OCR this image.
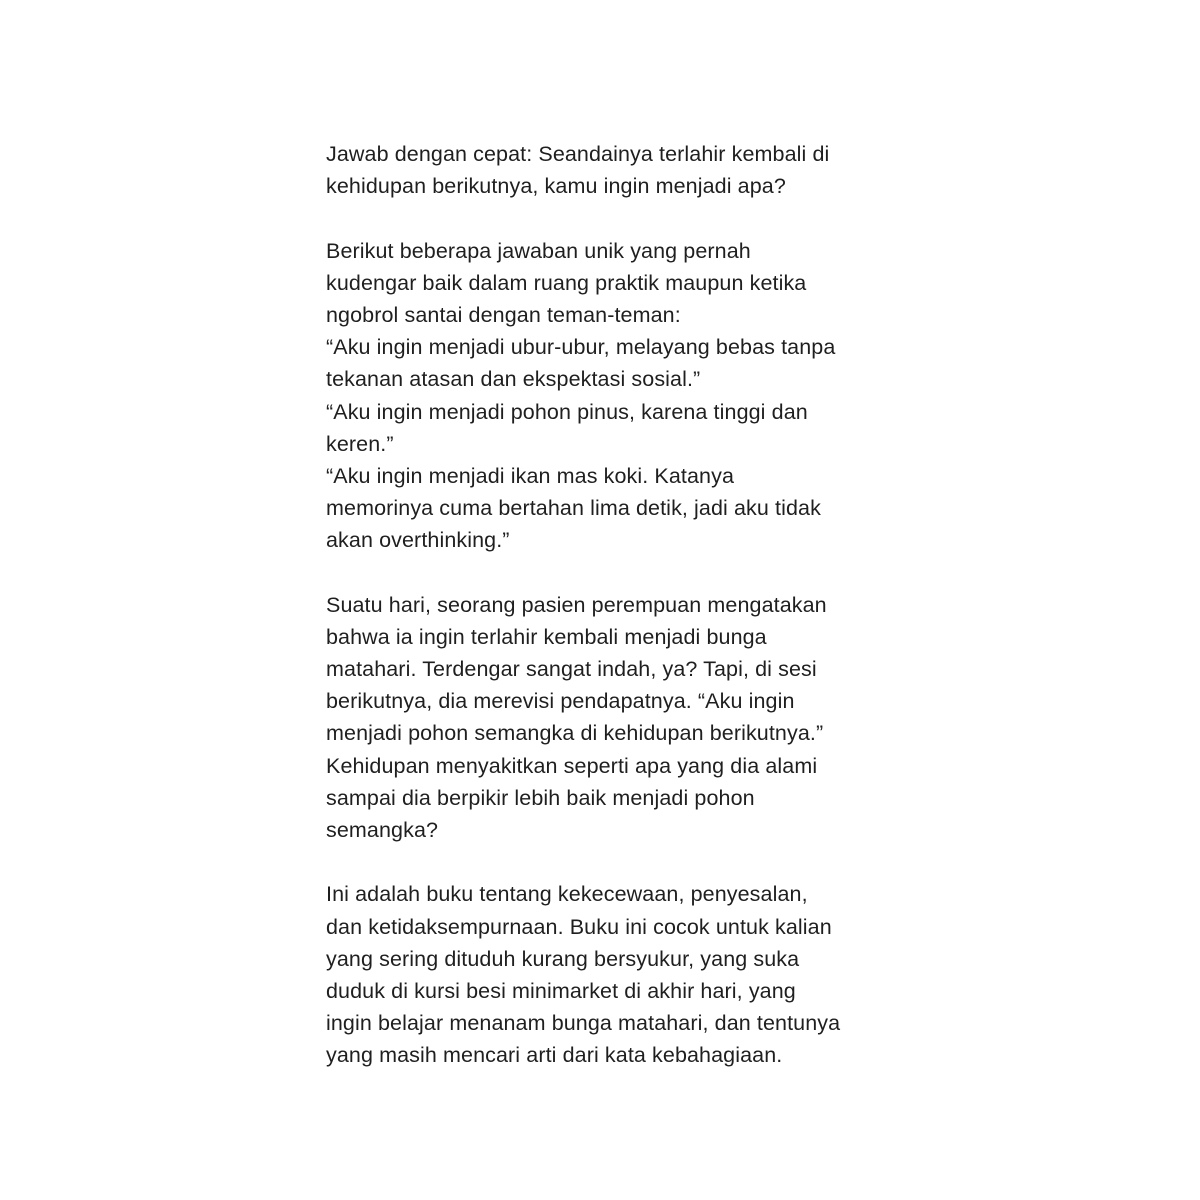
Jawab dengan cepat: Seandainya terlahir kembali di
kehidupan berikutnya, kamu ingin menjadi apa?
Berikut beberapa jawaban unik yang pernah
kudengar baik dalam ruang praktik maupun ketika
ngobrol santai dengan teman-teman:
“Aku ingin menjadi ubur-ubur, melayang bebas tanpa
tekanan atasan dan ekspektasi sosial.”
“Aku ingin menjadi pohon pinus, karena tinggi dan
keren.”
“Aku ingin menjadi ikan mas koki. Katanya
memorinya cuma bertahan lima detik, jadi aku tidak
akan overthinking.”
Suatu hari, seorang pasien perempuan mengatakan
bahwa ia ingin terlahir kembali menjadi bunga
matahari. Terdengar sangat indah, ya? Tapi, di sesi
berikutnya, dia merevisi pendapatnya. “Aku ingin
menjadi pohon semangka di kehidupan berikutnya.”
Kehidupan menyakitkan seperti apa yang dia alami
sampai dia berpikir lebih baik menjadi pohon
semangka?
Ini adalah buku tentang kekecewaan, penyesalan,
dan ketidaksempurnaan. Buku ini cocok untuk kalian
yang sering dituduh kurang bersyukur, yang suka
duduk di kursi besi minimarket di akhir hari, yang
ingin belajar menanam bunga matahari, dan tentunya
yang masih mencari arti dari kata kebahagiaan.
